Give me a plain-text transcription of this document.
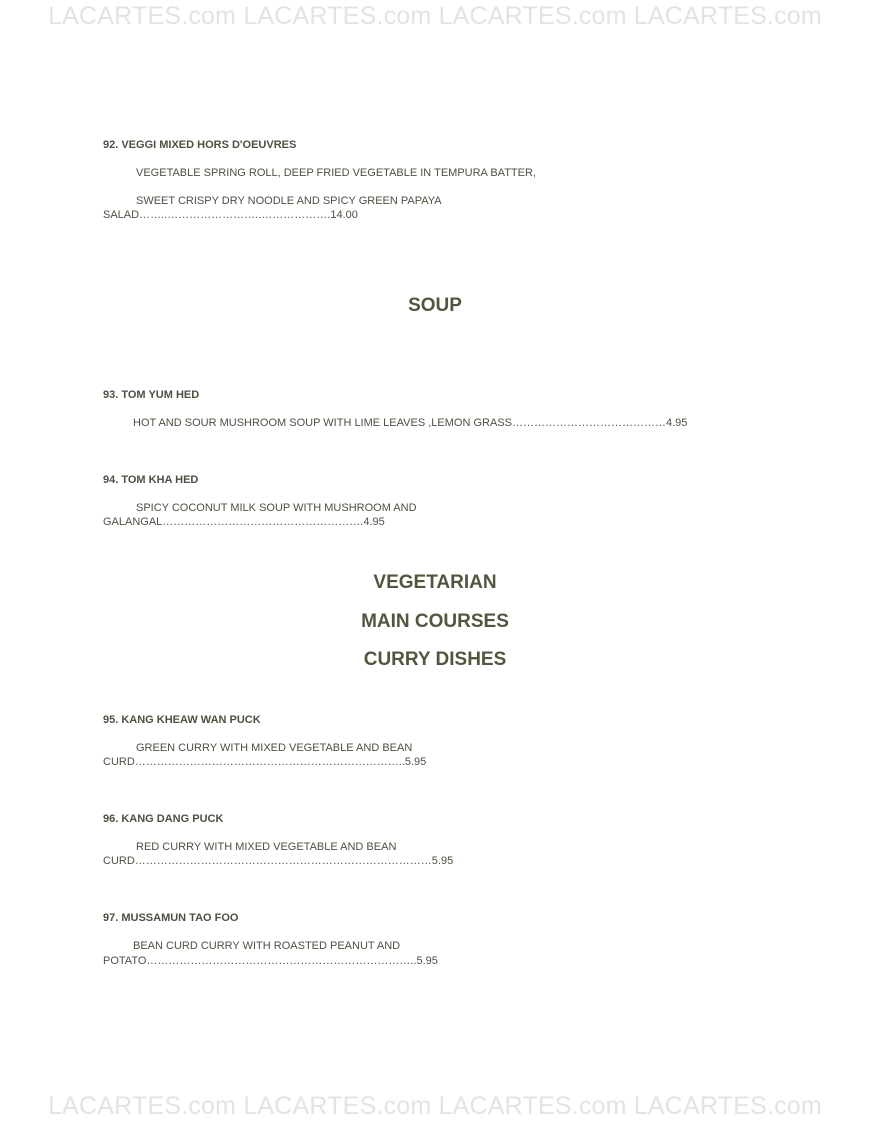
LACARTES.com LACARTES.com LACARTES.com LACARTES.com
92. VEGGI MIXED HORS D'OEUVRES
VEGETABLE SPRING ROLL, DEEP FRIED VEGETABLE IN TEMPURA BATTER,
SWEET CRISPY DRY NOODLE AND SPICY GREEN PAPAYA
SALAD……..……………………..……………….14.00
SOUP
93. TOM YUM HED
HOT AND SOUR MUSHROOM SOUP WITH LIME LEAVES ,LEMON GRASS……………………………………4.95
94. TOM KHA HED
SPICY COCONUT MILK SOUP WITH MUSHROOM AND
GALANGAL……………………………………………….4.95
VEGETARIAN
MAIN COURSES
CURRY DISHES
95. KANG KHEAW WAN PUCK
GREEN CURRY WITH MIXED VEGETABLE AND BEAN
CURD………………………………………………………………..5.95
96. KANG DANG PUCK
RED CURRY WITH MIXED VEGETABLE AND BEAN
CURD………………………………………………………………………5.95
97. MUSSAMUN TAO FOO
BEAN CURD CURRY WITH ROASTED PEANUT AND
POTATO………………………………………………………………..5.95
LACARTES.com LACARTES.com LACARTES.com LACARTES.com
